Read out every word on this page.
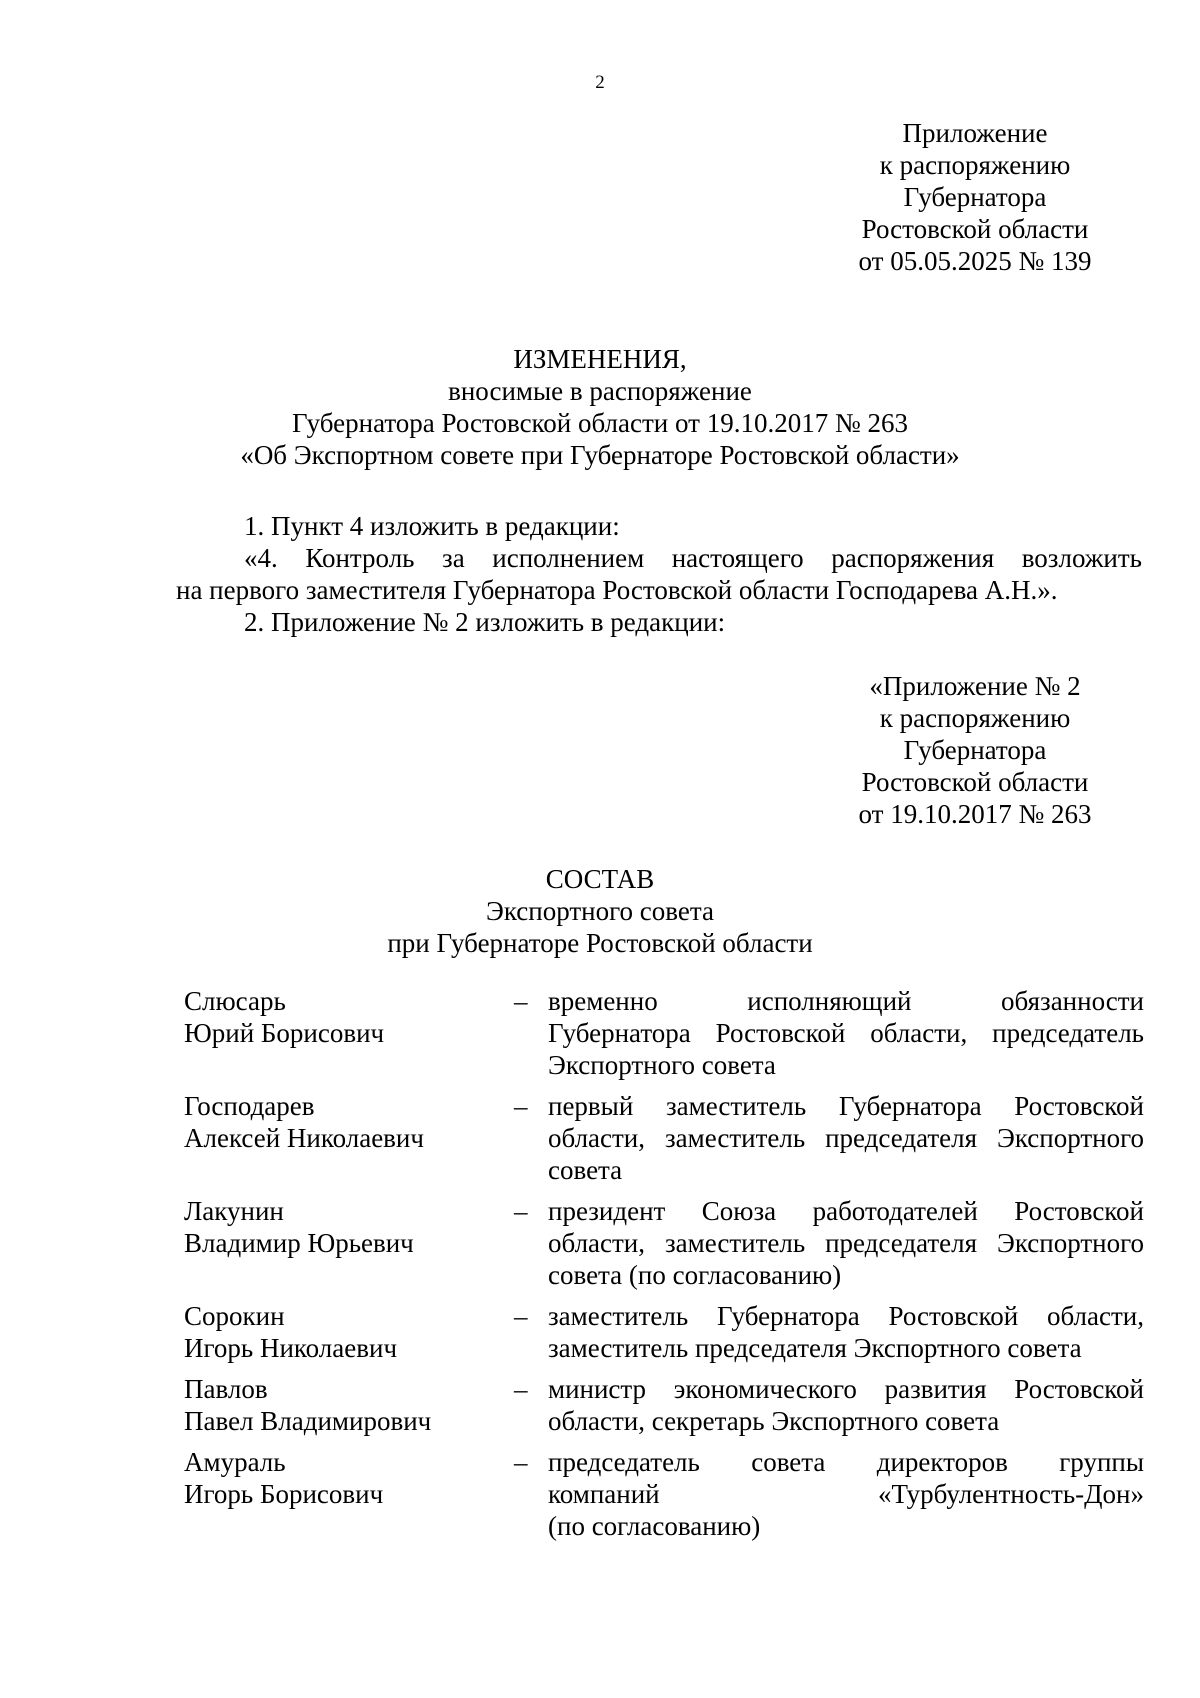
2
Приложение
к распоряжению
Губернатора
Ростовской области
от 05.05.2025 № 139
ИЗМЕНЕНИЯ,
вносимые в распоряжение
Губернатора Ростовской области от 19.10.2017 № 263
«Об Экспортном совете при Губернаторе Ростовской области»
1. Пункт 4 изложить в редакции:
«4. Контроль за исполнением настоящего распоряжения возложить
на первого заместителя Губернатора Ростовской области Господарева А.Н.».
2. Приложение № 2 изложить в редакции:
«Приложение № 2
к распоряжению
Губернатора
Ростовской области
от 19.10.2017 № 263
СОСТАВ
Экспортного совета
при Губернаторе Ростовской области
Слюсарь
Юрий Борисович
– временно исполняющий обязанности
Губернатора Ростовской области, председатель
Экспортного совета
Господарев
Алексей Николаевич
– первый заместитель Губернатора Ростовской
области, заместитель председателя Экспортного
совета
Лакунин
Владимир Юрьевич
– президент Союза работодателей Ростовской
области, заместитель председателя Экспортного
совета (по согласованию)
Сорокин
Игорь Николаевич
– заместитель Губернатора Ростовской области,
заместитель председателя Экспортного совета
Павлов
Павел Владимирович
– министр экономического развития Ростовской
области, секретарь Экспортного совета
Амураль
Игорь Борисович
– председатель совета директоров группы
компаний «Турбулентность-Дон»
(по согласованию)
